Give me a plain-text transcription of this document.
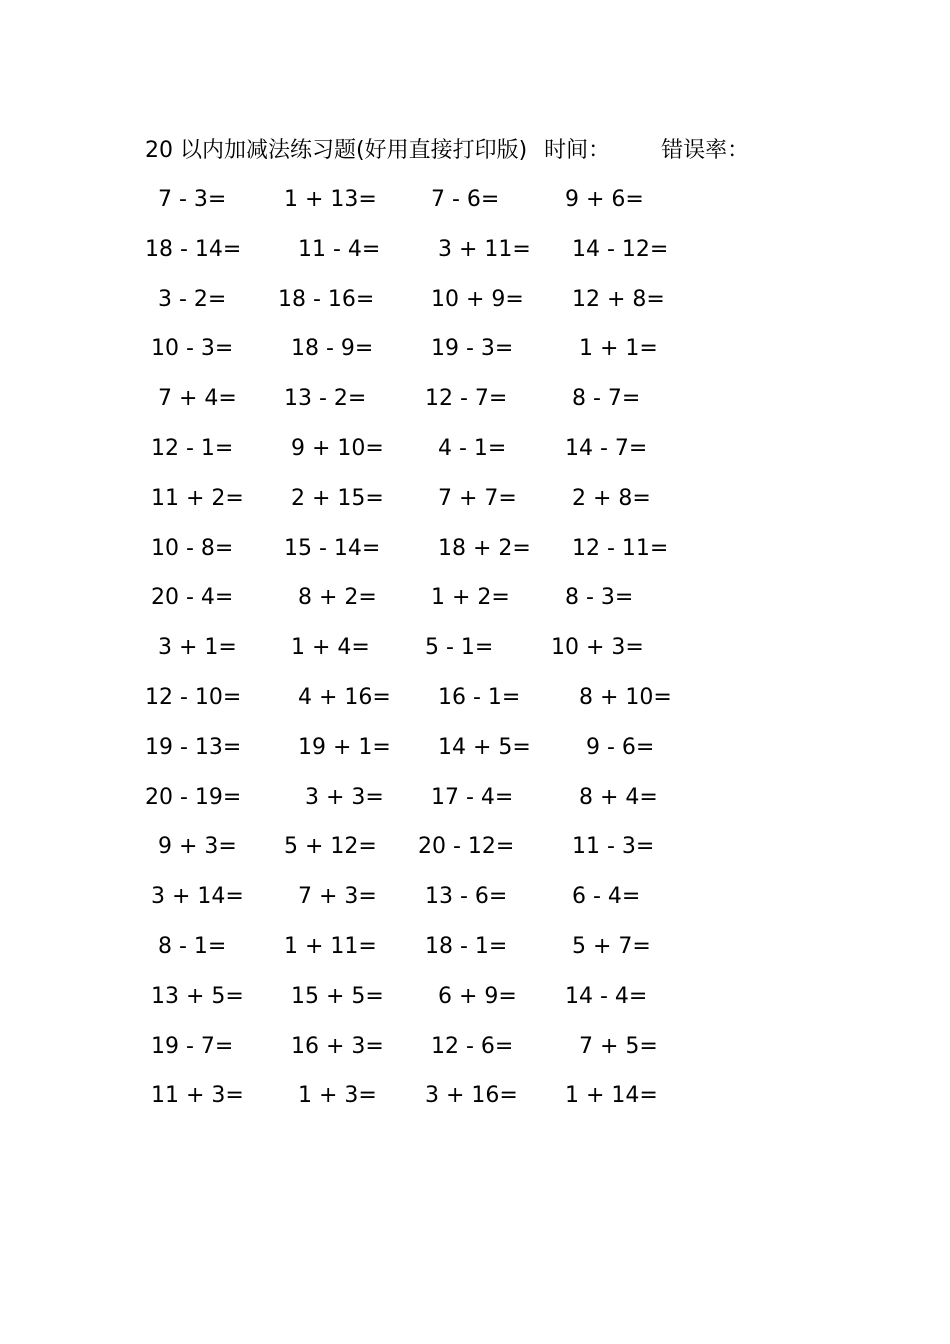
20 以内加减法练习题(好用直接打印版) 时间： 错误率：
7 - 3=	1 + 13= 7 - 6=	9 + 6=
18 - 14=	11 - 4=	3 + 11= 14 - 12=
3 - 2= 18 - 16=	10 + 9= 12 + 8=
10 - 3=	18 - 9=	19 - 3=	1 + 1=
7 + 4= 13 - 2=	12 - 7=	8 - 7=
12 - 1=	9 + 10= 4 - 1=	14 - 7=
11 + 2= 2 + 15= 7 + 7=	2 + 8=
10 - 8= 15 - 14=	18 + 2= 12 - 11=
20 - 4=	8 + 2= 1 + 2=	8 - 3=
3 + 1= 1 + 4=	5 - 1=	10 + 3=
12 - 10=	4 + 16= 16 - 1=	8 + 10=
19 - 13=	19 + 1= 14 + 5=	9 - 6=
20 - 19=	3 + 3= 17 - 4=	8 + 4=
9 + 3= 5 + 12= 20 - 12=	11 - 3=
3 + 14= 7 + 3= 13 - 6=	6 - 4=
8 - 1=	1 + 11= 18 - 1=	5 + 7=
13 + 5= 15 + 5= 6 + 9= 14 - 4=
19 - 7=	16 + 3= 12 - 6=	7 + 5=
11 + 3= 1 + 3= 3 + 16= 1 + 14=
